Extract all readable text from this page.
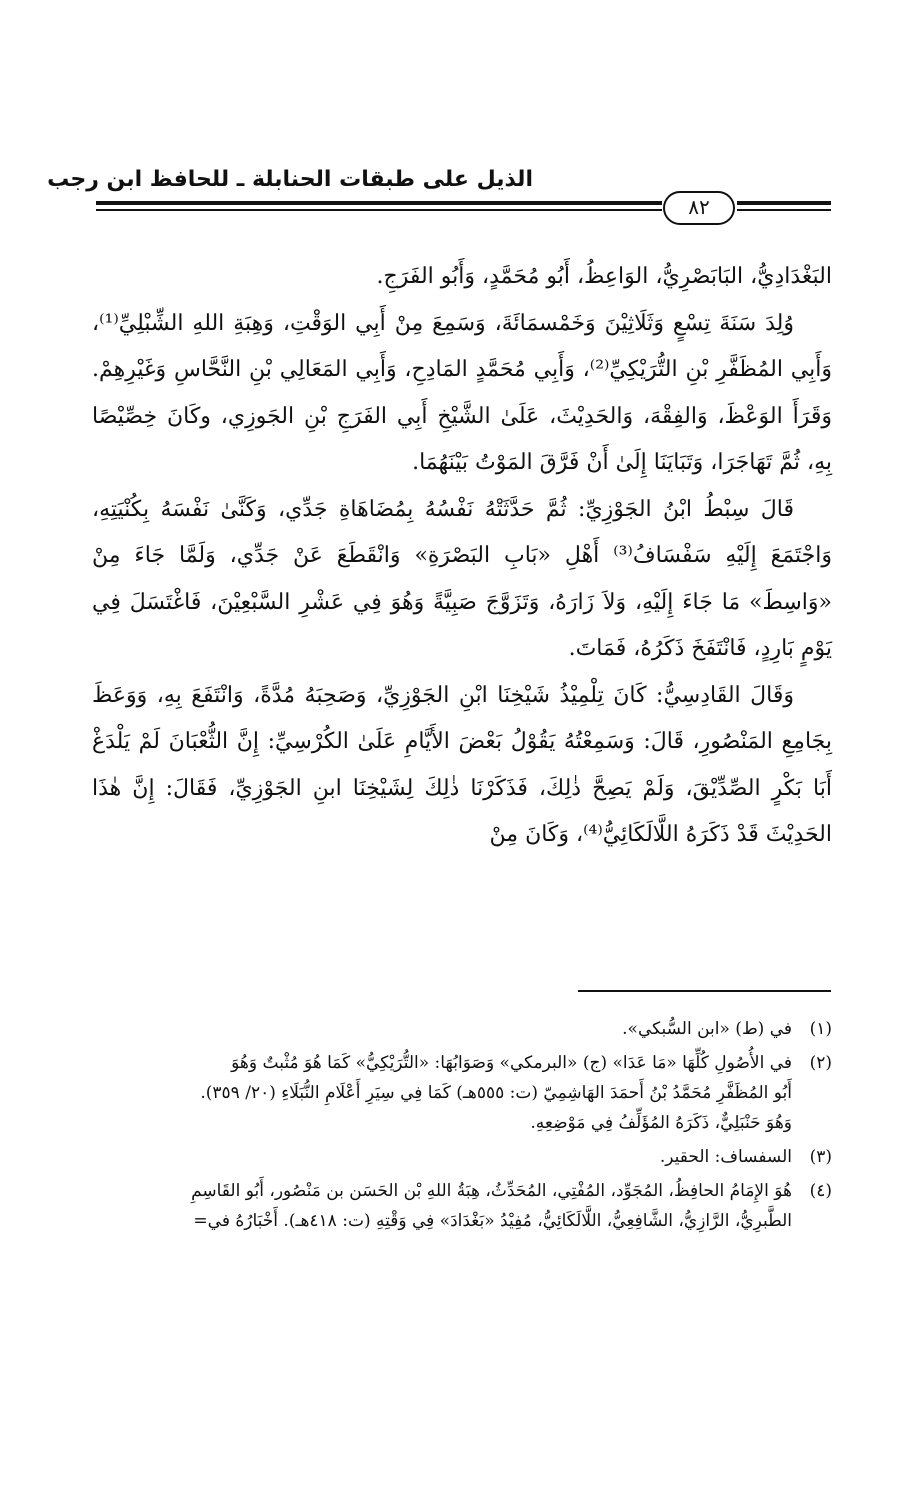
الذيل على طبقات الحنابلة ـ للحافظ ابن رجب
٨٢

البَغْدَادِيُّ، البَابَصْرِيُّ، الوَاعِظُ، أَبُو مُحَمَّدٍ، وَأَبُو الفَرَجِ.

وُلِدَ سَنَةَ تِسْعٍ وَثَلَاثِيْنَ وَخَمْسمَائَةَ، وَسَمِعَ مِنْ أَبِي الوَقْتِ، وَهِبَةِ اللهِ الشِّبْلِيِّ⁽¹⁾، وَأَبِي المُظَفَّرِ بْنِ التُّرَيْكِيِّ⁽²⁾، وَأَبِي مُحَمَّدٍ المَادِحِ، وَأَبِي المَعَالِي بْنِ النَّحَّاسِ وَغَيْرِهِمْ. وَقَرَأَ الوَعْظَ، وَالفِقْهَ، وَالحَدِيْثَ، عَلَىٰ الشَّيْخِ أَبِي الفَرَجِ بْنِ الجَوزِي، وكَانَ خِصِّيْصًا بِهِ، ثُمَّ تَهَاجَرَا، وَتَبَايَنَا إِلَىٰ أَنْ فَرَّقَ المَوْتُ بَيْنَهُمَا.

قَالَ سِبْطُ ابْنُ الجَوْزِيِّ: ثُمَّ حَدَّثَتْهُ نَفْسُهُ بِمُضَاهَاةِ جَدِّي، وَكَنَّىٰ نَفْسَهُ بِكُنْيَتِهِ، وَاجْتَمَعَ إِلَيْهِ سَفْسَافُ⁽³⁾ أَهْلِ «بَابِ البَصْرَةِ» وَانْقَطَعَ عَنْ جَدِّي، وَلَمَّا جَاءَ مِنْ «وَاسِطَ» مَا جَاءَ إِلَيْهِ، وَلاَ زَارَهُ، وَتَزَوَّجَ صَبِيَّةً وَهُوَ فِي عَشْرِ السَّبْعِيْنَ، فَاغْتَسَلَ فِي يَوْمٍ بَارِدٍ، فَانْتَفَخَ ذَكَرُهُ، فَمَاتَ.

وَقَالَ القَادِسِيُّ: كَانَ تِلْمِيْذُ شَيْخِنَا ابْنِ الجَوْزِيِّ، وَصَحِبَهُ مُدَّةً، وَانْتَفَعَ بِهِ، وَوَعَظَ بِجَامِعِ المَنْصُورِ، قَالَ: وَسَمِعْتُهُ يَقُوْلُ بَعْضَ الأَيَّامِ عَلَىٰ الكُرْسِيِّ: إِنَّ الثُّعْبَانَ لَمْ يَلْدَغْ أَبَا بَكْرٍ الصِّدِّيْقَ، وَلَمْ يَصِحَّ ذٰلِكَ، فَذَكَرْنَا ذٰلِكَ لِشَيْخِنَا ابنِ الجَوْزِيِّ، فَقَالَ: إِنَّ هٰذَا الحَدِيْثَ قَدْ ذَكَرَهُ اللَّالَكَائِيُّ⁽⁴⁾، وَكَانَ مِنْ

(١)
في (ط) «ابن السُّبكي».
(٢)
في الأُصُولِ كُلِّهَا «مَا عَدَا» (ج) «البرمكي» وَصَوَابُهَا: «التُّرَيْكِيُّ» كَمَا هُوَ مُثْبتٌ وَهُوَ
أَبُو المُظَفَّرِ مُحَمَّدُ بْنُ أَحمَدَ الهَاشِمِيّ (ت: ٥٥٥هـ) كَمَا فِي سِيَرِ أَعْلَامِ النُّبَلَاءِ (٢٠/ ٣٥٩).
وَهُوَ حَنْبَلِيٌّ، ذَكَرَهُ المُؤَلِّفُ فِي مَوْضِعِهِ.
(٣)
السفساف: الحقير.
(٤)
هُوَ الإِمَامُ الحافِظُ، المُجَوِّد، المُفْتِي، المُحَدِّثُ، هِبَةُ اللهِ بْن الحَسَن بن مَنْصُور، أَبُو القَاسِمِ
الطَّبرِيُّ، الرَّازِيُّ، الشَّافِعِيُّ، اللَّالَكَائِيُّ، مُفِيْدُ «بَغْدَادَ» فِي وَقْتِهِ (ت: ٤١٨هـ). أَخْبَارُهُ في=
